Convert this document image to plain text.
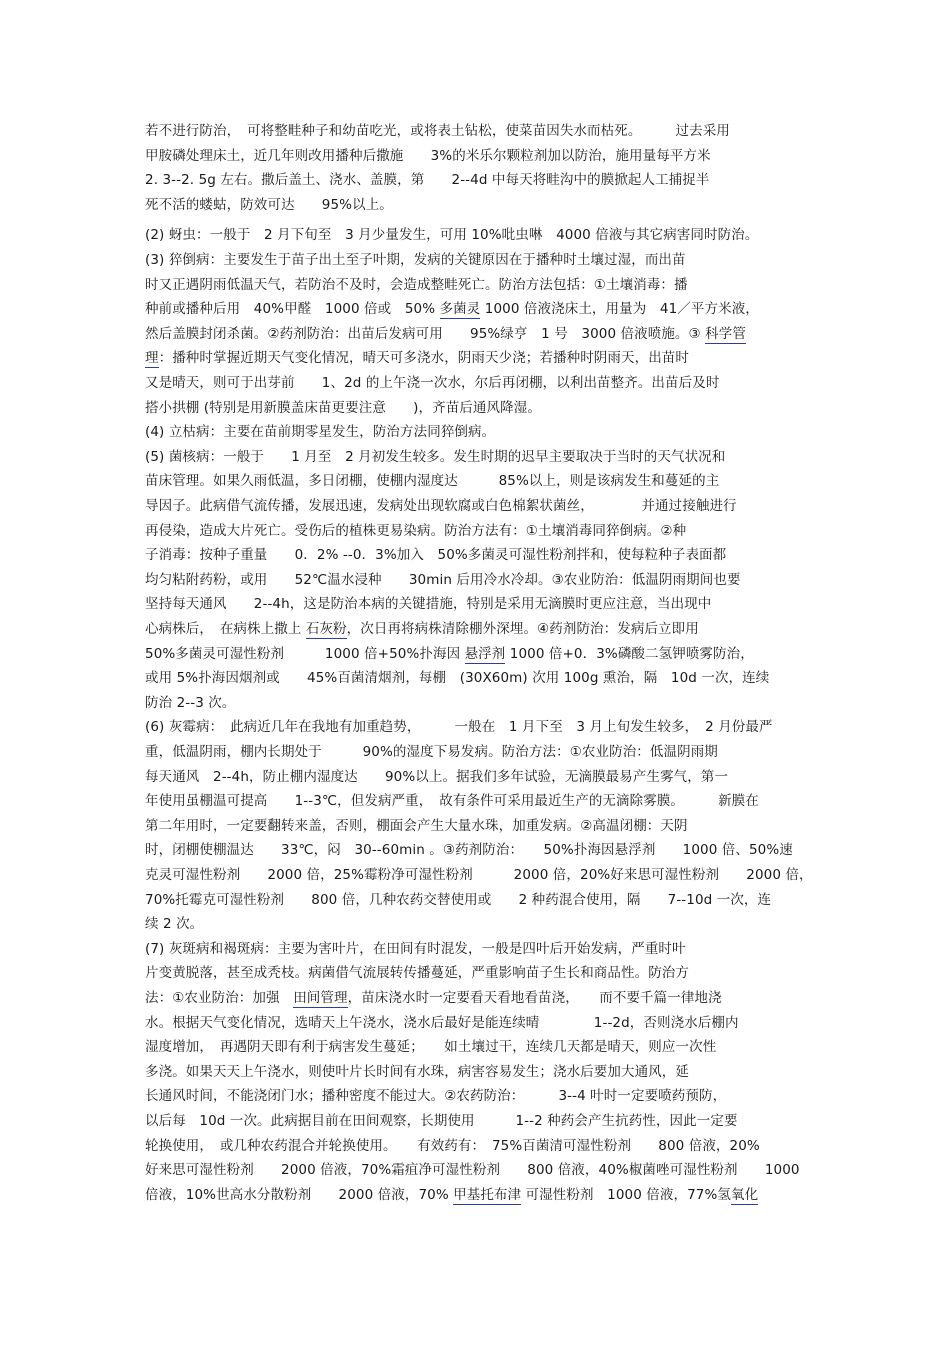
若不进行防治，　可将整畦种子和幼苗吃光，或将表土钻松，使菜苗因失水而枯死。　　　过去采用
甲胺磷处理床土，近几年则改用播种后撒施　　3%的米乐尔颗粒剂加以防治，施用量每平方米
2. 3--2. 5g 左右。撒后盖土、浇水、盖膜，第　　2--4d 中每天将畦沟中的膜掀起人工捕捉半
死不活的蝼蛄，防效可达　　95%以上。
(2) 蚜虫：一般于　2 月下旬至　3 月少量发生，可用 10%吡虫啉　4000 倍液与其它病害同时防治。
(3) 猝倒病：主要发生于苗子出土至子叶期，发病的关键原因在于播种时土壤过湿，而出苗
时又正遇阴雨低温天气，若防治不及时，会造成整畦死亡。防治方法包括：①土壤消毒：播
种前或播种后用　40%甲醛　1000 倍或　50% 多菌灵 1000 倍液浇床土，用量为　41／平方米液，
然后盖膜封闭杀菌。②药剂防治：出苗后发病可用　　95%绿亨　1 号　3000 倍液喷施。③ 科学管
理：播种时掌握近期天气变化情况，晴天可多浇水，阴雨天少浇；若播种时阴雨天，出苗时
又是晴天，则可于出芽前　　1、2d 的上午浇一次水，尔后再闭棚，以利出苗整齐。出苗后及时
搭小拱棚 (特别是用新膜盖床苗更要注意　　)，齐苗后通风降湿。
(4) 立枯病：主要在苗前期零星发生，防治方法同猝倒病。
(5) 菌核病：一般于　　1 月至　2 月初发生较多。发生时期的迟早主要取决于当时的天气状况和
苗床管理。如果久雨低温，多日闭棚，使棚内湿度达　　　85%以上，则是该病发生和蔓延的主
导因子。此病借气流传播，发展迅速，发病处出现软腐或白色棉絮状菌丝，　　　　并通过接触进行
再侵染，造成大片死亡。受伤后的植株更易染病。防治方法有：①土壤消毒同猝倒病。②种
子消毒：按种子重量　　0．2% --0．3%加入　50%多菌灵可湿性粉剂拌和，使每粒种子表面都
均匀粘附药粉，或用　　52℃温水浸种　　30min 后用冷水冷却。③农业防治：低温阴雨期间也要
坚持每天通风　　2--4h，这是防治本病的关键措施，特别是采用无滴膜时更应注意，当出现中
心病株后，　在病株上撒上 石灰粉，次日再将病株清除棚外深埋。④药剂防治：发病后立即用
50%多菌灵可湿性粉剂　　　1000 倍+50%扑海因 悬浮剂 1000 倍+0．3%磷酸二氢钾喷雾防治，
或用 5%扑海因烟剂或　　45%百菌清烟剂，每棚　(30X60m) 次用 100g 熏治，隔　10d 一次，连续
防治 2--3 次。
(6) 灰霉病：　此病近几年在我地有加重趋势，　　　一般在　1 月下至　3 月上旬发生较多，　2 月份最严
重，低温阴雨，棚内长期处于　　　90%的湿度下易发病。防治方法：①农业防治：低温阴雨期
每天通风　2--4h，防止棚内湿度达　　90%以上。据我们多年试验，无滴膜最易产生雾气，第一
年使用虽棚温可提高　　1--3℃，但发病严重，　故有条件可采用最近生产的无滴除雾膜。　　　新膜在
第二年用时，一定要翻转来盖，否则，棚面会产生大量水珠，加重发病。②高温闭棚：天阴
时，闭棚使棚温达　　33℃，闷　30--60min 。③药剂防治：　　50%扑海因悬浮剂　　1000 倍、50%速
克灵可湿性粉剂　　2000 倍，25%霉粉净可湿性粉剂　　　2000 倍，20%好来思可湿性粉剂　　2000 倍，
70%托霉克可湿性粉剂　　800 倍，几种农药交替使用或　　2 种药混合使用，隔　　7--10d 一次，连
续 2 次。
(7) 灰斑病和褐斑病：主要为害叶片，在田间有时混发，一般是四叶后开始发病，严重时叶
片变黄脱落，甚至成秃枝。病菌借气流展转传播蔓延，严重影响苗子生长和商品性。防治方
法：①农业防治：加强　田间管理，苗床浇水时一定要看天看地看苗浇，　　而不要千篇一律地浇
水。根据天气变化情况，选晴天上午浇水，浇水后最好是能连续晴　　　　1--2d，否则浇水后棚内
湿度增加，　再遇阴天即有利于病害发生蔓延；　　如土壤过干，连续几天都是晴天，则应一次性
多浇。如果天天上午浇水，则使叶片长时间有水珠，病害容易发生；浇水后要加大通风，延
长通风时间，不能浇闭门水；播种密度不能过大。②农药防治：　　　3--4 叶时一定要喷药预防，
以后每　10d 一次。此病据目前在田间观察，长期使用　　　1--2 种药会产生抗药性，因此一定要
轮换使用，　或几种农药混合并轮换使用。　　有效药有：　75%百菌清可湿性粉剂　　800 倍液，20%
好来思可湿性粉剂　　2000 倍液，70%霜疽净可湿性粉剂　　800 倍液，40%椒菌唑可湿性粉剂　　1000
倍液，10%世高水分散粉剂　　2000 倍液，70% 甲基托布津 可湿性粉剂　1000 倍液，77%氢氧化
